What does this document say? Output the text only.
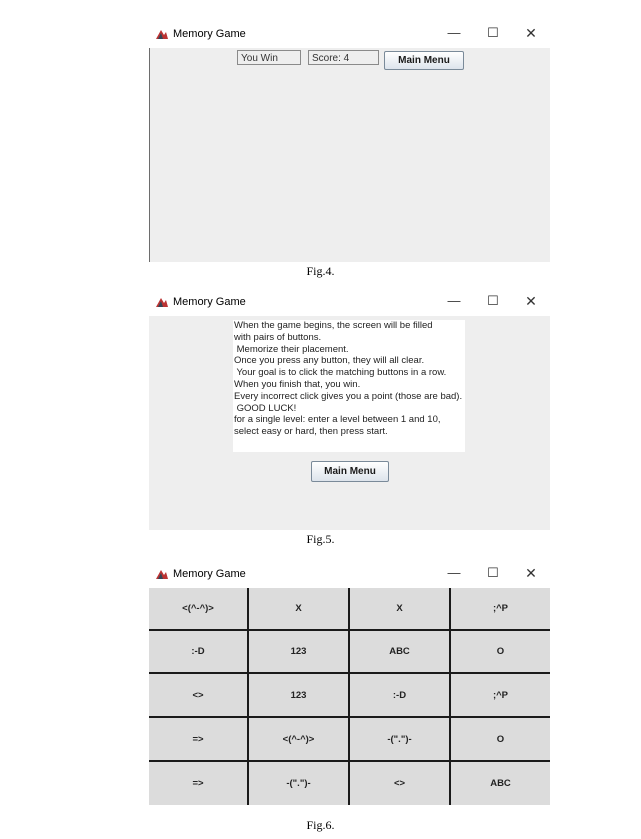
Memory Game	— ☐ ✕
You Win	Score: 4	Main Menu
Fig.4.
Memory Game	— ☐ ✕
When the game begins, the screen will be filled
with pairs of buttons.
Memorize their placement.
Once you press any button, they will all clear.
Your goal is to click the matching buttons in a row.
When you finish that, you win.
Every incorrect click gives you a point (those are bad).
GOOD LUCK!
for a single level: enter a level between 1 and 10,
select easy or hard, then press start.
Main Menu
Fig.5.
Memory Game	— ☐ ✕
<(^-^)>	X	X	;^P
:-D	123	ABC	O
<>	123	:-D	;^P
=>	<(^-^)>	-(".")-	O
=>	-(".")-	<>	ABC
Fig.6.
